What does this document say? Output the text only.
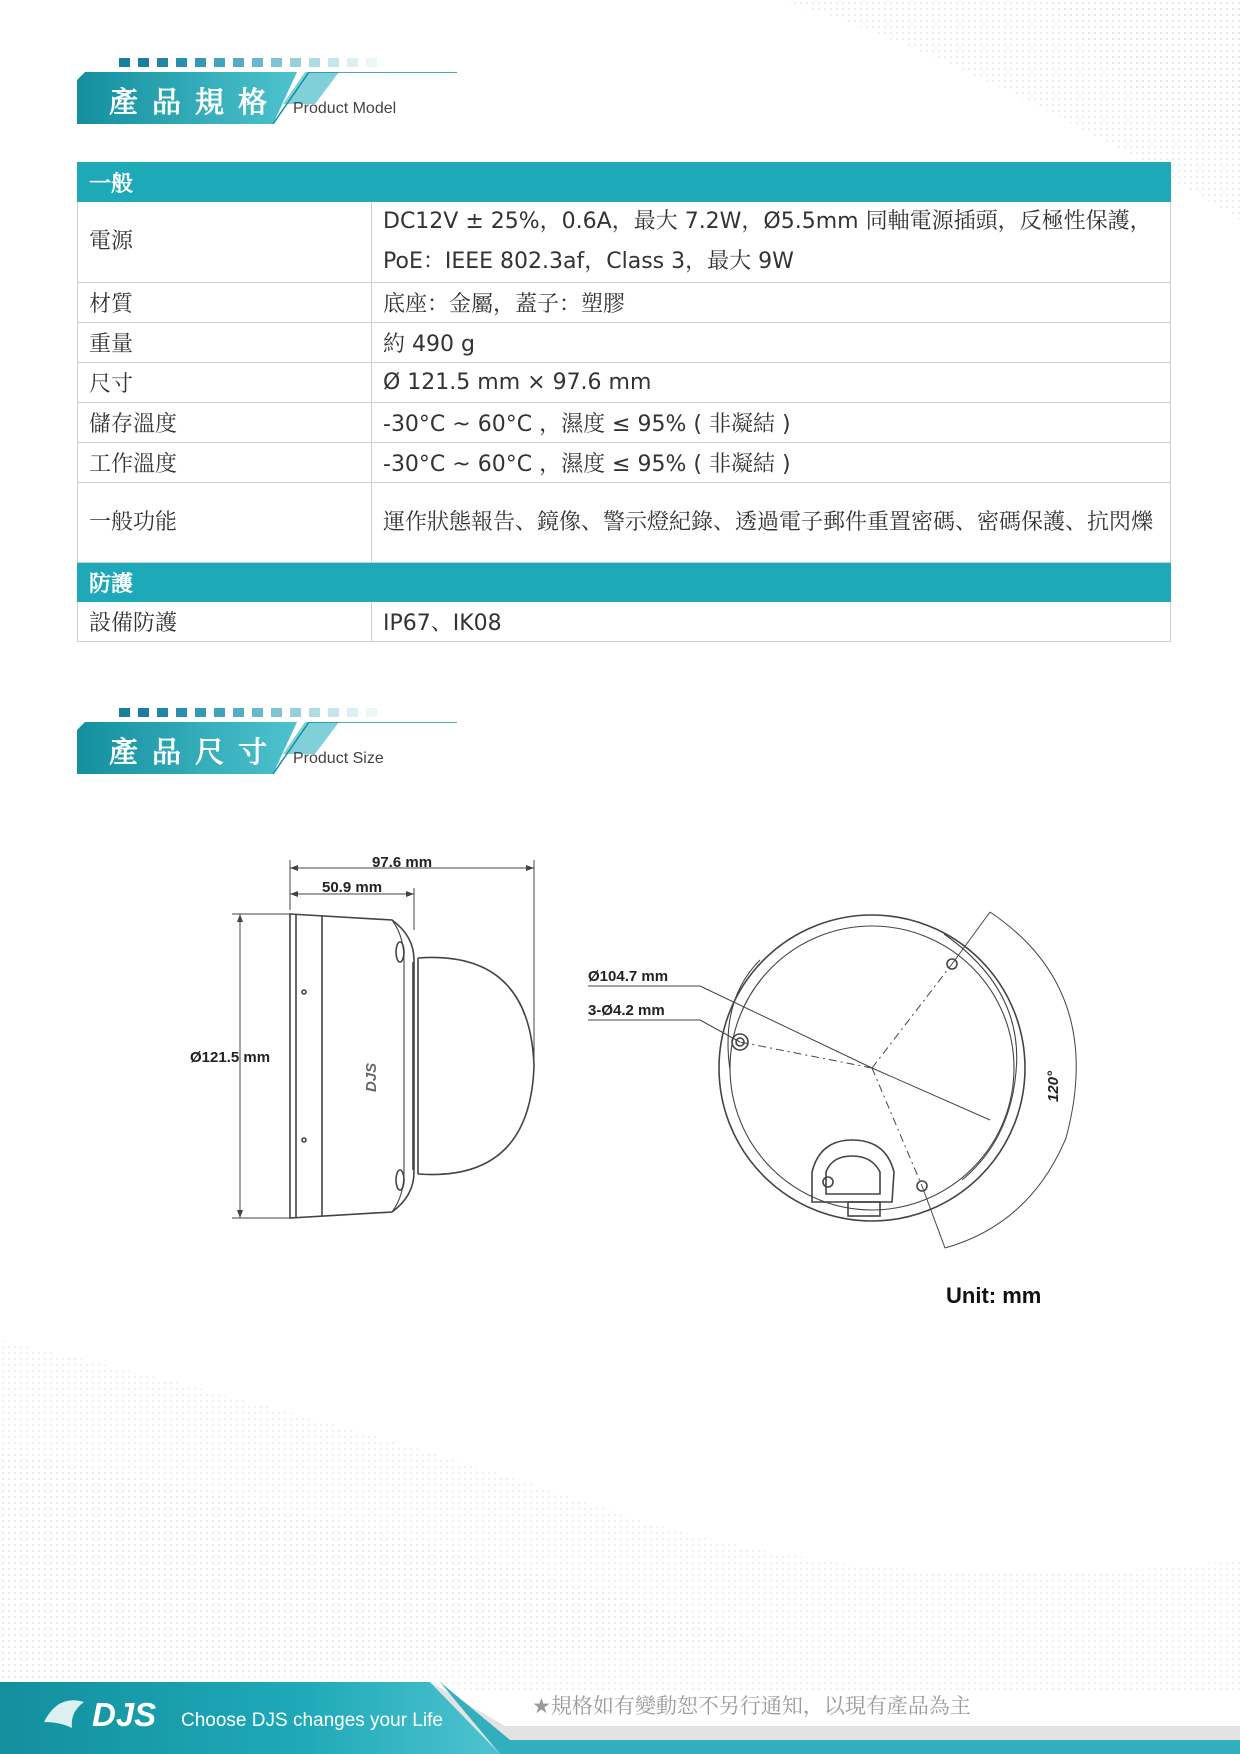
產品規格 Product Model
一般	
電源	DC12V ± 25%，0.6A，最大 7.2W，Ø5.5mm 同軸電源插頭，反極性保護，PoE：IEEE 802.3af，Class 3，最大 9W
材質	底座：金屬，蓋子：塑膠
重量	約 490 g
尺寸	Ø 121.5 mm × 97.6 mm
儲存溫度	-30°C ~ 60°C ，濕度 ≤ 95% ( 非凝結 )
工作溫度	-30°C ~ 60°C ，濕度 ≤ 95% ( 非凝結 )
一般功能	運作狀態報告、鏡像、警示燈紀錄、透過電子郵件重置密碼、密碼保護、抗閃爍
防護	
設備防護	IP67、IK08
產品尺寸 Product Size
97.6 mm
50.9 mm
Ø121.5 mm
DJS
Ø104.7 mm
3-Ø4.2 mm
120°
Unit: mm
DJS Choose DJS changes your Life
★規格如有變動恕不另行通知，以現有產品為主
